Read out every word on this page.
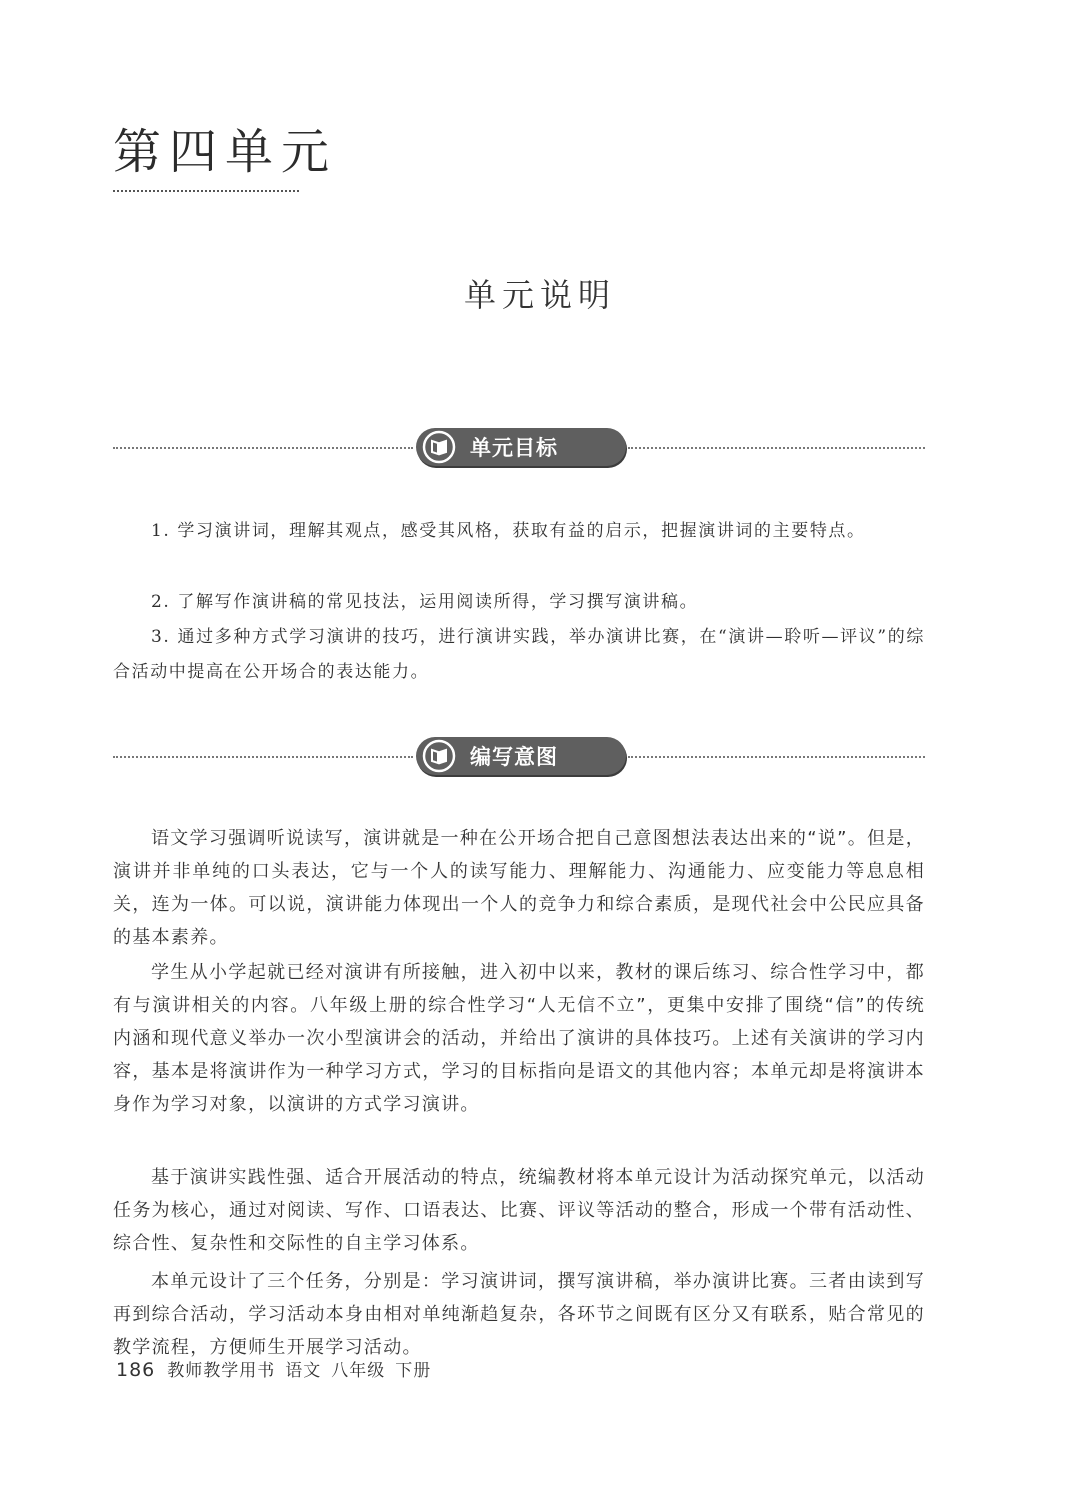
第四单元
单元说明
单元目标

1. 学习演讲词，理解其观点，感受其风格，获取有益的启示，把握演讲词的主要特点。

2. 了解写作演讲稿的常见技法，运用阅读所得，学习撰写演讲稿。

3. 通过多种方式学习演讲的技巧，进行演讲实践，举办演讲比赛，在“演讲—聆听—评议”的综合活动中提高在公开场合的表达能力。

编写意图

语文学习强调听说读写，演讲就是一种在公开场合把自己意图想法表达出来的“说”。但是，演讲并非单纯的口头表达，它与一个人的读写能力、理解能力、沟通能力、应变能力等息息相关，连为一体。可以说，演讲能力体现出一个人的竞争力和综合素质，是现代社会中公民应具备的基本素养。

学生从小学起就已经对演讲有所接触，进入初中以来，教材的课后练习、综合性学习中，都有与演讲相关的内容。八年级上册的综合性学习“人无信不立”，更集中安排了围绕“信”的传统内涵和现代意义举办一次小型演讲会的活动，并给出了演讲的具体技巧。上述有关演讲的学习内容，基本是将演讲作为一种学习方式，学习的目标指向是语文的其他内容；本单元却是将演讲本身作为学习对象，以演讲的方式学习演讲。

基于演讲实践性强、适合开展活动的特点，统编教材将本单元设计为活动探究单元，以活动任务为核心，通过对阅读、写作、口语表达、比赛、评议等活动的整合，形成一个带有活动性、综合性、复杂性和交际性的自主学习体系。

本单元设计了三个任务，分别是：学习演讲词，撰写演讲稿，举办演讲比赛。三者由读到写再到综合活动，学习活动本身由相对单纯渐趋复杂，各环节之间既有区分又有联系，贴合常见的教学流程，方便师生开展学习活动。

186 教师教学用书 语文 八年级 下册
